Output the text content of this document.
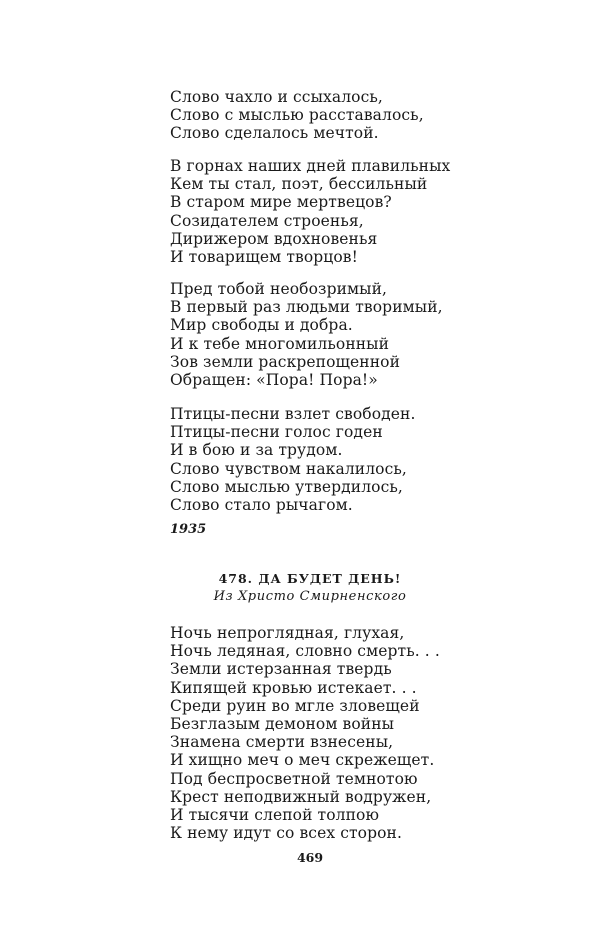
Слово чахло и ссыхалось,
Слово с мыслью расставалось,
Слово сделалось мечтой.
В горнах наших дней плавильных
Кем ты стал, поэт, бессильный
В старом мире мертвецов?
Созидателем строенья,
Дирижером вдохновенья
И товарищем творцов!
Пред тобой необозримый,
В первый раз людьми творимый,
Мир свободы и добра.
И к тебе многомильонный
Зов земли раскрепощенной
Обращен: «Пора! Пора!»
Птицы-песни взлет свободен.
Птицы-песни голос годен
И в бою и за трудом.
Слово чувством накалилось,
Слово мыслью утвердилось,
Слово стало рычагом.
1935
478. ДА БУДЕТ ДЕНЬ!
Из Христо Смирненского
Ночь непроглядная, глухая,
Ночь ледяная, словно смерть. . .
Земли истерзанная твердь
Кипящей кровью истекает. . .
Среди руин во мгле зловещей
Безглазым демоном войны
Знамена смерти взнесены,
И хищно меч о меч скрежещет.
Под беспросветной темнотою
Крест неподвижный водружен,
И тысячи слепой толпою
К нему идут со всех сторон.
469
